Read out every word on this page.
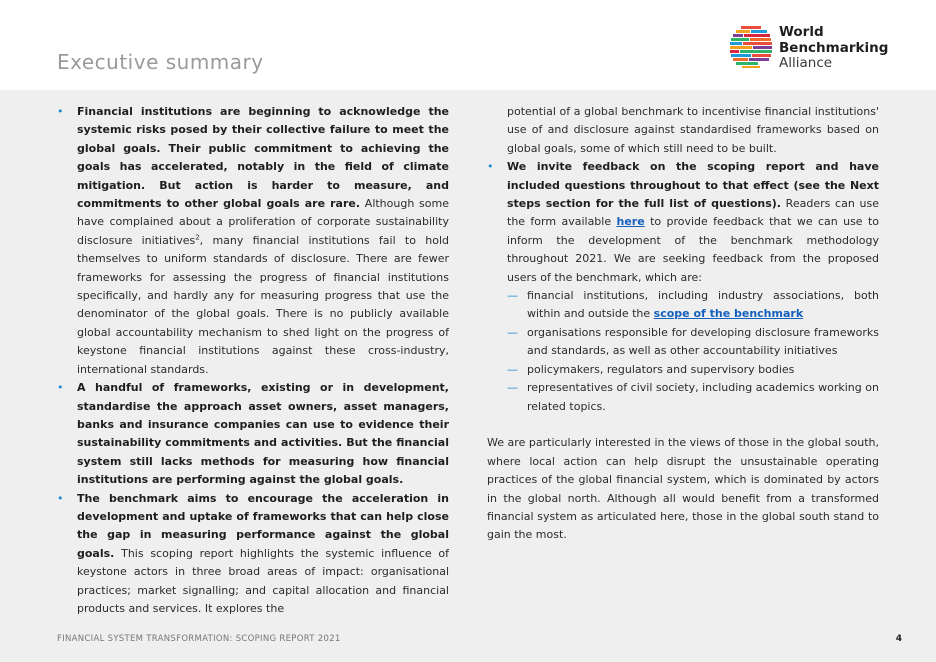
Executive summary
World
Benchmarking
Alliance
• Financial institutions are beginning to acknowledge the systemic risks posed by their collective failure to meet the global goals. Their public commitment to achieving the goals has accelerated, notably in the field of climate mitigation. But action is harder to measure, and commitments to other global goals are rare. Although some have complained about a proliferation of corporate sustainability disclosure initiatives$^2$, many financial institutions fail to hold themselves to uniform standards of disclosure. There are fewer frameworks for assessing the progress of financial institutions specifically, and hardly any for measuring progress that use the denominator of the global goals. There is no publicly available global accountability mechanism to shed light on the progress of keystone financial institutions against these cross-industry, international standards.
• A handful of frameworks, existing or in development, standardise the approach asset owners, asset managers, banks and insurance companies can use to evidence their sustainability commitments and activities. But the financial system still lacks methods for measuring how financial institutions are performing against the global goals.
• The benchmark aims to encourage the acceleration in development and uptake of frameworks that can help close the gap in measuring performance against the global goals. This scoping report highlights the systemic influence of keystone actors in three broad areas of impact: organisational practices; market signalling; and capital allocation and financial products and services. It explores the
potential of a global benchmark to incentivise financial institutions' use of and disclosure against standardised frameworks based on global goals, some of which still need to be built.
• We invite feedback on the scoping report and have included questions throughout to that effect (see the Next steps section for the full list of questions). Readers can use the form available here to provide feedback that we can use to inform the development of the benchmark methodology throughout 2021. We are seeking feedback from the proposed users of the benchmark, which are:
— financial institutions, including industry associations, both within and outside the scope of the benchmark
— organisations responsible for developing disclosure frameworks and standards, as well as other accountability initiatives
— policymakers, regulators and supervisory bodies
— representatives of civil society, including academics working on related topics.

We are particularly interested in the views of those in the global south, where local action can help disrupt the unsustainable operating practices of the global financial system, which is dominated by actors in the global north. Although all would benefit from a transformed financial system as articulated here, those in the global south stand to gain the most.

FINANCIAL SYSTEM TRANSFORMATION: SCOPING REPORT 2021	4
